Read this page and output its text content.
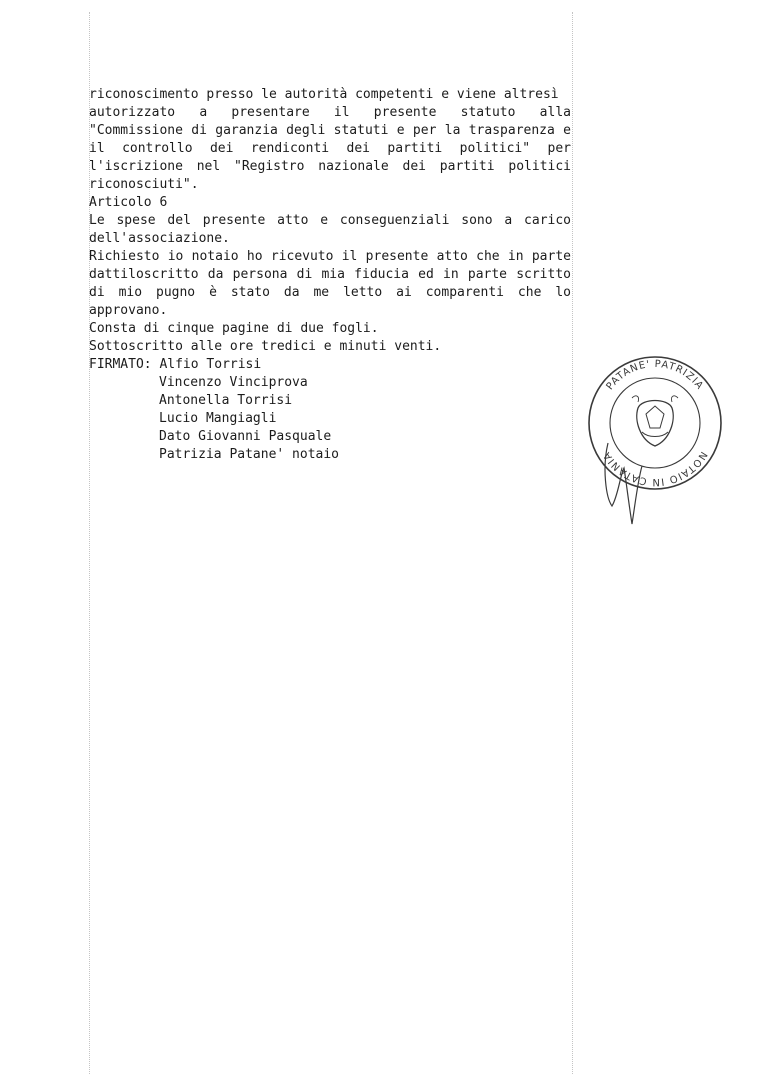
riconoscimento presso le autorità competenti e viene altresì
autorizzato a presentare il presente statuto alla
"Commissione di garanzia degli statuti e per la trasparenza e
il controllo dei rendiconti dei partiti politici" per
l'iscrizione nel "Registro nazionale dei partiti politici
riconosciuti".
Articolo 6
Le spese del presente atto e conseguenziali sono a carico
dell'associazione.
Richiesto io notaio ho ricevuto il presente atto che in parte
dattiloscritto da persona di mia fiducia ed in parte scritto
di mio pugno è stato da me letto ai comparenti che lo
approvano.
Consta di cinque pagine di due fogli.
Sottoscritto alle ore tredici e minuti venti.
FIRMATO: Alfio Torrisi
Vincenzo Vinciprova
Antonella Torrisi
Lucio Mangiagli
Dato Giovanni Pasquale
Patrizia Patane' notaio
PATANE' PATRIZIA
NOTAIO IN CATANIA
